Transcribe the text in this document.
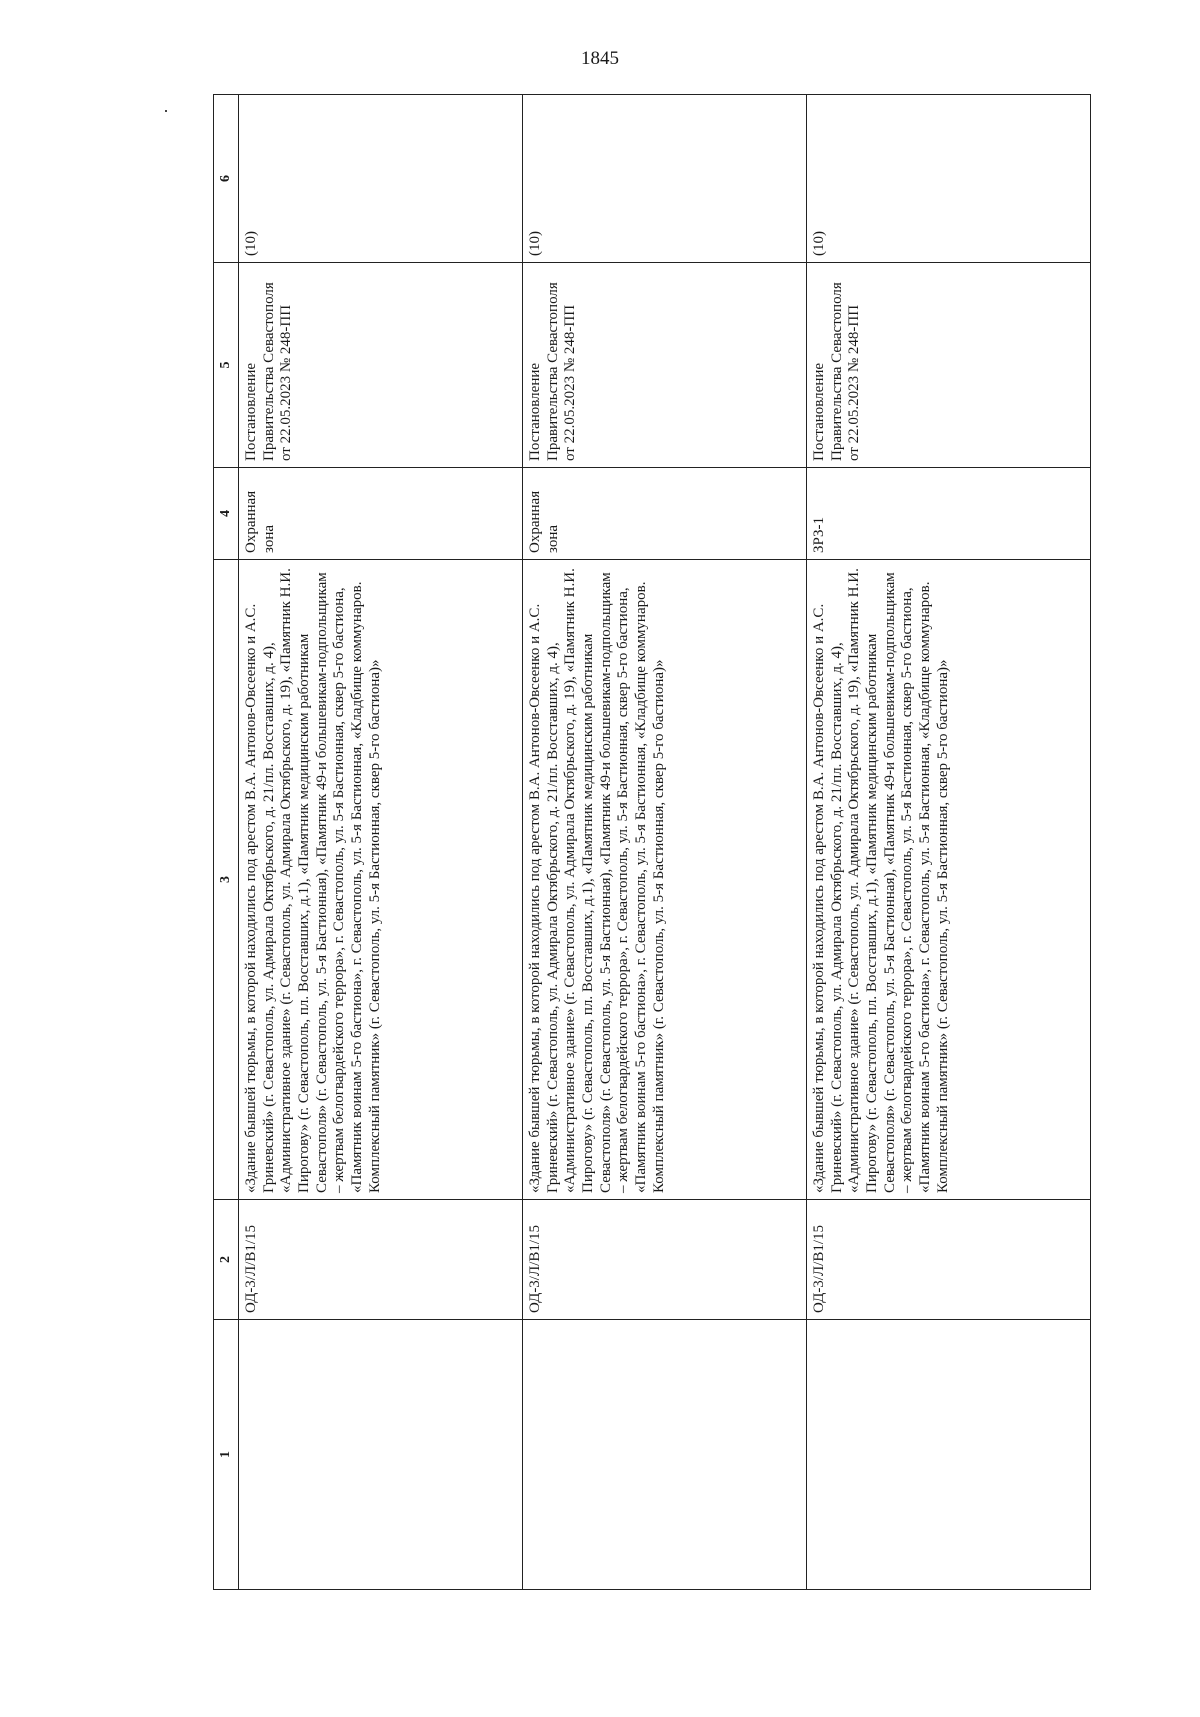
1845
1	2	3	4	5	6
	ОД-3/Л/В1/15	«Здание бывшей тюрьмы, в которой находились под арестом В.А. Антонов-Овсеенко и А.С. Гриневский» (г. Севастополь, ул. Адмирала Октябрьского, д. 21/пл. Восставших, д. 4), «Административное здание» (г. Севастополь, ул. Адмирала Октябрьского, д. 19), «Памятник Н.И. Пирогову» (г. Севастополь, пл. Восставших, д.1), «Памятник медицинским работникам Севастополя» (г. Севастополь, ул. 5-я Бастионная), «Памятник 49-и большевикам-подпольщикам – жертвам белогвардейского террора», г. Севастополь, ул. 5-я Бастионная, сквер 5-го бастиона, «Памятник воинам 5-го бастиона», г. Севастополь, ул. 5-я Бастионная, «Кладбище коммунаров. Комплексный памятник» (г. Севастополь, ул. 5-я Бастионная, сквер 5-го бастиона)»	Охранная зона	Постановление Правительства Севастополя от 22.05.2023 № 248-ПП	(10)
	ОД-3/Л/В1/15	«Здание бывшей тюрьмы, в которой находились под арестом В.А. Антонов-Овсеенко и А.С. Гриневский» (г. Севастополь, ул. Адмирала Октябрьского, д. 21/пл. Восставших, д. 4), «Административное здание» (г. Севастополь, ул. Адмирала Октябрьского, д. 19), «Памятник Н.И. Пирогову» (г. Севастополь, пл. Восставших, д.1), «Памятник медицинским работникам Севастополя» (г. Севастополь, ул. 5-я Бастионная), «Памятник 49-и большевикам-подпольщикам – жертвам белогвардейского террора», г. Севастополь, ул. 5-я Бастионная, сквер 5-го бастиона, «Памятник воинам 5-го бастиона», г. Севастополь, ул. 5-я Бастионная, «Кладбище коммунаров. Комплексный памятник» (г. Севастополь, ул. 5-я Бастионная, сквер 5-го бастиона)»	Охранная зона	Постановление Правительства Севастополя от 22.05.2023 № 248-ПП	(10)
	ОД-3/Л/В1/15	«Здание бывшей тюрьмы, в которой находились под арестом В.А. Антонов-Овсеенко и А.С. Гриневский» (г. Севастополь, ул. Адмирала Октябрьского, д. 21/пл. Восставших, д. 4), «Административное здание» (г. Севастополь, ул. Адмирала Октябрьского, д. 19), «Памятник Н.И. Пирогову» (г. Севастополь, пл. Восставших, д.1), «Памятник медицинским работникам Севастополя» (г. Севастополь, ул. 5-я Бастионная), «Памятник 49-и большевикам-подпольщикам – жертвам белогвардейского террора», г. Севастополь, ул. 5-я Бастионная, сквер 5-го бастиона, «Памятник воинам 5-го бастиона», г. Севастополь, ул. 5-я Бастионная, «Кладбище коммунаров. Комплексный памятник» (г. Севастополь, ул. 5-я Бастионная, сквер 5-го бастиона)»	ЗРЗ-1	Постановление Правительства Севастополя от 22.05.2023 № 248-ПП	(10)
